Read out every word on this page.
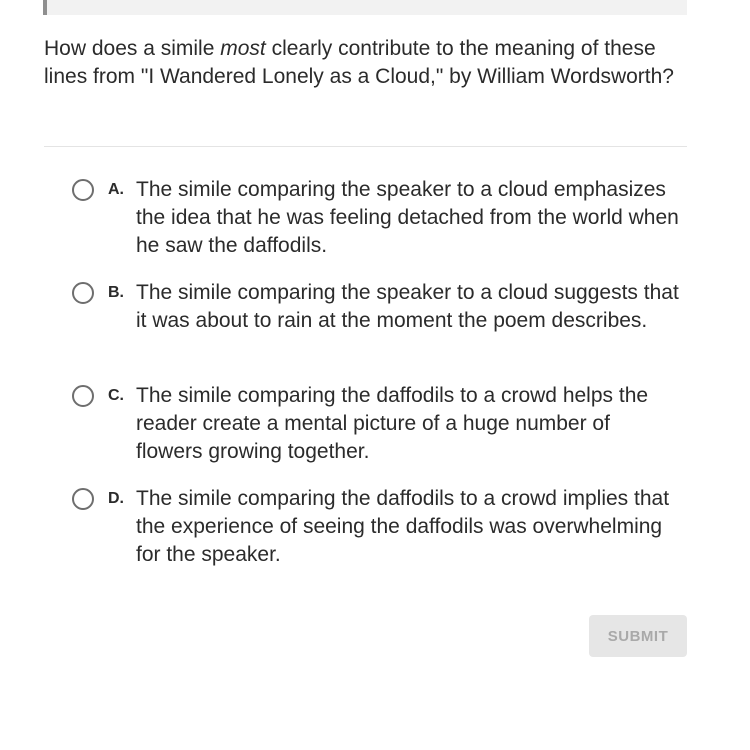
How does a simile most clearly contribute to the meaning of these lines from "I Wandered Lonely as a Cloud," by William Wordsworth?

A. The simile comparing the speaker to a cloud emphasizes the idea that he was feeling detached from the world when he saw the daffodils.
B. The simile comparing the speaker to a cloud suggests that it was about to rain at the moment the poem describes.
C. The simile comparing the daffodils to a crowd helps the reader create a mental picture of a huge number of flowers growing together.
D. The simile comparing the daffodils to a crowd implies that the experience of seeing the daffodils was overwhelming for the speaker.
SUBMIT
